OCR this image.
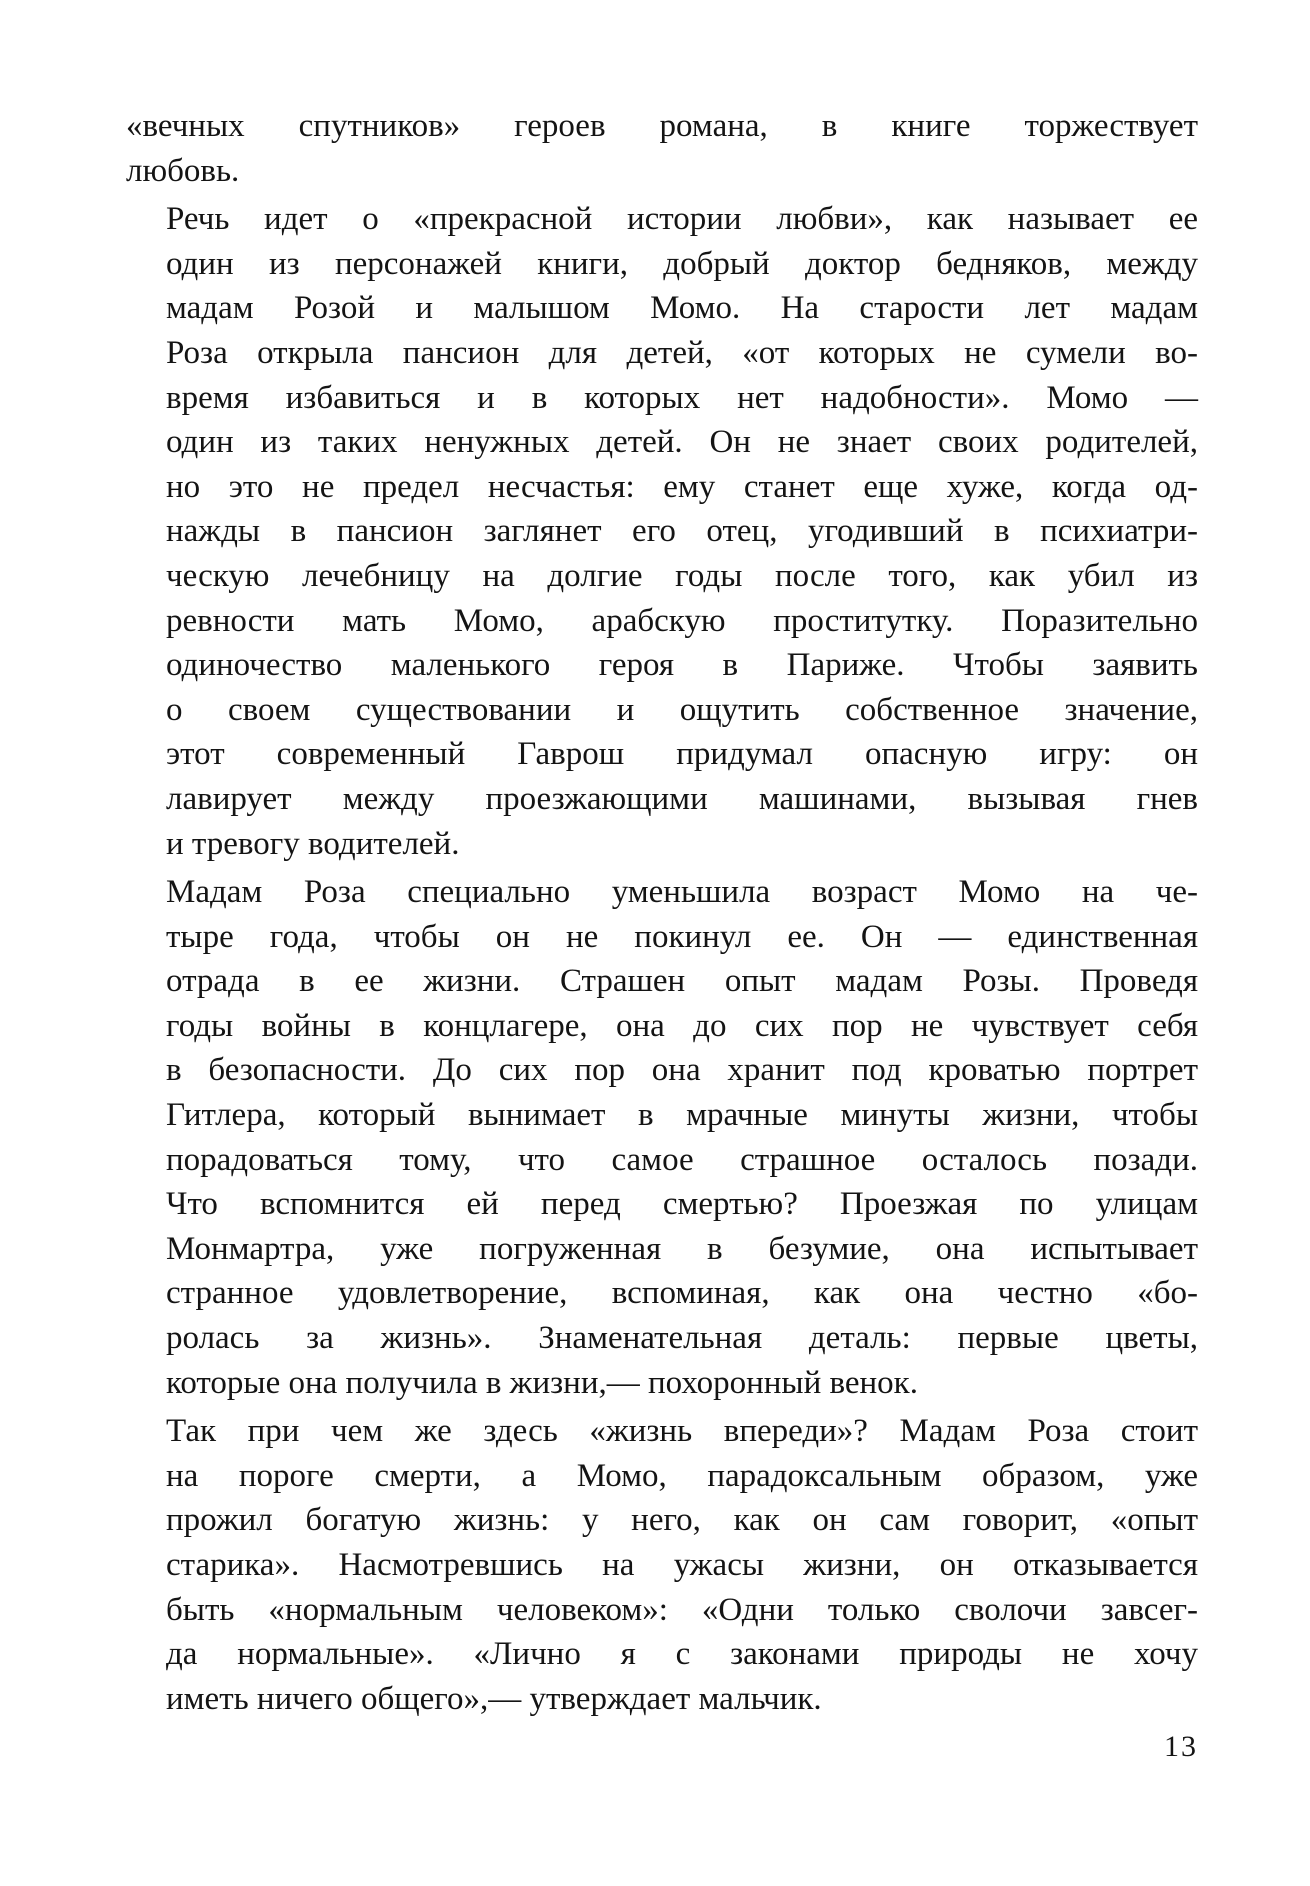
«вечных спутников» героев романа, в книге торжествует
любовь.

Речь идет о «прекрасной истории любви», как называет ее
один из персонажей книги, добрый доктор бедняков, между
мадам Розой и малышом Момо. На старости лет мадам
Роза открыла пансион для детей, «от которых не сумели во-
время избавиться и в которых нет надобности». Момо —
один из таких ненужных детей. Он не знает своих родителей,
но это не предел несчастья: ему станет еще хуже, когда од-
нажды в пансион заглянет его отец, угодивший в психиатри-
ческую лечебницу на долгие годы после того, как убил из
ревности мать Момо, арабскую проститутку. Поразительно
одиночество маленького героя в Париже. Чтобы заявить
о своем существовании и ощутить собственное значение,
этот современный Гаврош придумал опасную игру: он
лавирует между проезжающими машинами, вызывая гнев
и тревогу водителей.

Мадам Роза специально уменьшила возраст Момо на че-
тыре года, чтобы он не покинул ее. Он — единственная
отрада в ее жизни. Страшен опыт мадам Розы. Проведя
годы войны в концлагере, она до сих пор не чувствует себя
в безопасности. До сих пор она хранит под кроватью портрет
Гитлера, который вынимает в мрачные минуты жизни, чтобы
порадоваться тому, что самое страшное осталось позади.
Что вспомнится ей перед смертью? Проезжая по улицам
Монмартра, уже погруженная в безумие, она испытывает
странное удовлетворение, вспоминая, как она честно «бо-
ролась за жизнь». Знаменательная деталь: первые цветы,
которые она получила в жизни,— похоронный венок.

Так при чем же здесь «жизнь впереди»? Мадам Роза стоит
на пороге смерти, а Момо, парадоксальным образом, уже
прожил богатую жизнь: у него, как он сам говорит, «опыт
старика». Насмотревшись на ужасы жизни, он отказывается
быть «нормальным человеком»: «Одни только сволочи завсег-
да нормальные». «Лично я с законами природы не хочу
иметь ничего общего»,— утверждает мальчик.

13
